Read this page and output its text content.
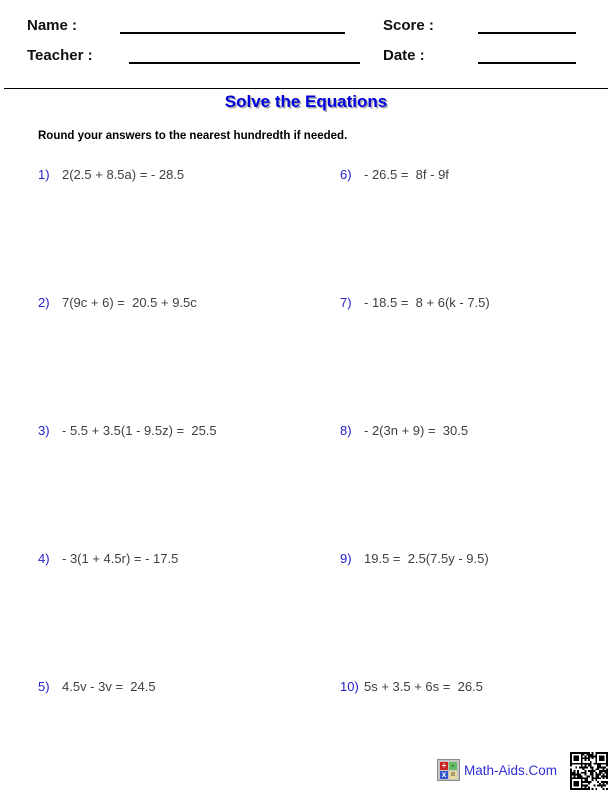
Name :	Score :
Teacher :	Date :
Solve the Equations
Round your answers to the nearest hundredth if needed.
1) 2(2.5 + 8.5a) = - 28.5
2) 7(9c + 6) =  20.5 + 9.5c
3) - 5.5 + 3.5(1 - 9.5z) =  25.5
4) - 3(1 + 4.5r) = - 17.5
5) 4.5v - 3v =  24.5
6) - 26.5 =  8f - 9f
7) - 18.5 =  8 + 6(k - 7.5)
8) - 2(3n + 9) =  30.5
9) 19.5 =  2.5(7.5y - 9.5)
10) 5s + 3.5 + 6s =  26.5
+ -
x = Math-Aids.Com
